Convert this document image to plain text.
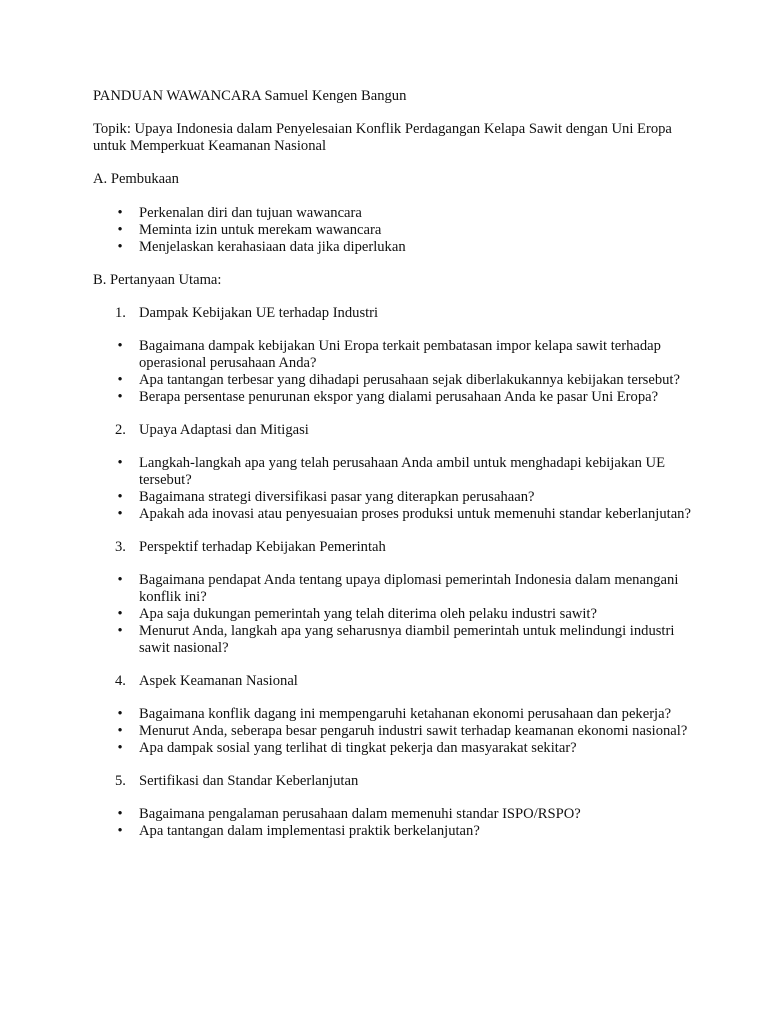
PANDUAN WAWANCARA Samuel Kengen Bangun
Topik: Upaya Indonesia dalam Penyelesaian Konflik Perdagangan Kelapa Sawit dengan Uni Eropa untuk Memperkuat Keamanan Nasional
A. Pembukaan
• Perkenalan diri dan tujuan wawancara
• Meminta izin untuk merekam wawancara
• Menjelaskan kerahasiaan data jika diperlukan
B. Pertanyaan Utama:
1. Dampak Kebijakan UE terhadap Industri
• Bagaimana dampak kebijakan Uni Eropa terkait pembatasan impor kelapa sawit terhadap operasional perusahaan Anda?
• Apa tantangan terbesar yang dihadapi perusahaan sejak diberlakukannya kebijakan tersebut?
• Berapa persentase penurunan ekspor yang dialami perusahaan Anda ke pasar Uni Eropa?
2. Upaya Adaptasi dan Mitigasi
• Langkah-langkah apa yang telah perusahaan Anda ambil untuk menghadapi kebijakan UE tersebut?
• Bagaimana strategi diversifikasi pasar yang diterapkan perusahaan?
• Apakah ada inovasi atau penyesuaian proses produksi untuk memenuhi standar keberlanjutan?
3. Perspektif terhadap Kebijakan Pemerintah
• Bagaimana pendapat Anda tentang upaya diplomasi pemerintah Indonesia dalam menangani konflik ini?
• Apa saja dukungan pemerintah yang telah diterima oleh pelaku industri sawit?
• Menurut Anda, langkah apa yang seharusnya diambil pemerintah untuk melindungi industri sawit nasional?
4. Aspek Keamanan Nasional
• Bagaimana konflik dagang ini mempengaruhi ketahanan ekonomi perusahaan dan pekerja?
• Menurut Anda, seberapa besar pengaruh industri sawit terhadap keamanan ekonomi nasional?
• Apa dampak sosial yang terlihat di tingkat pekerja dan masyarakat sekitar?
5. Sertifikasi dan Standar Keberlanjutan
• Bagaimana pengalaman perusahaan dalam memenuhi standar ISPO/RSPO?
• Apa tantangan dalam implementasi praktik berkelanjutan?
